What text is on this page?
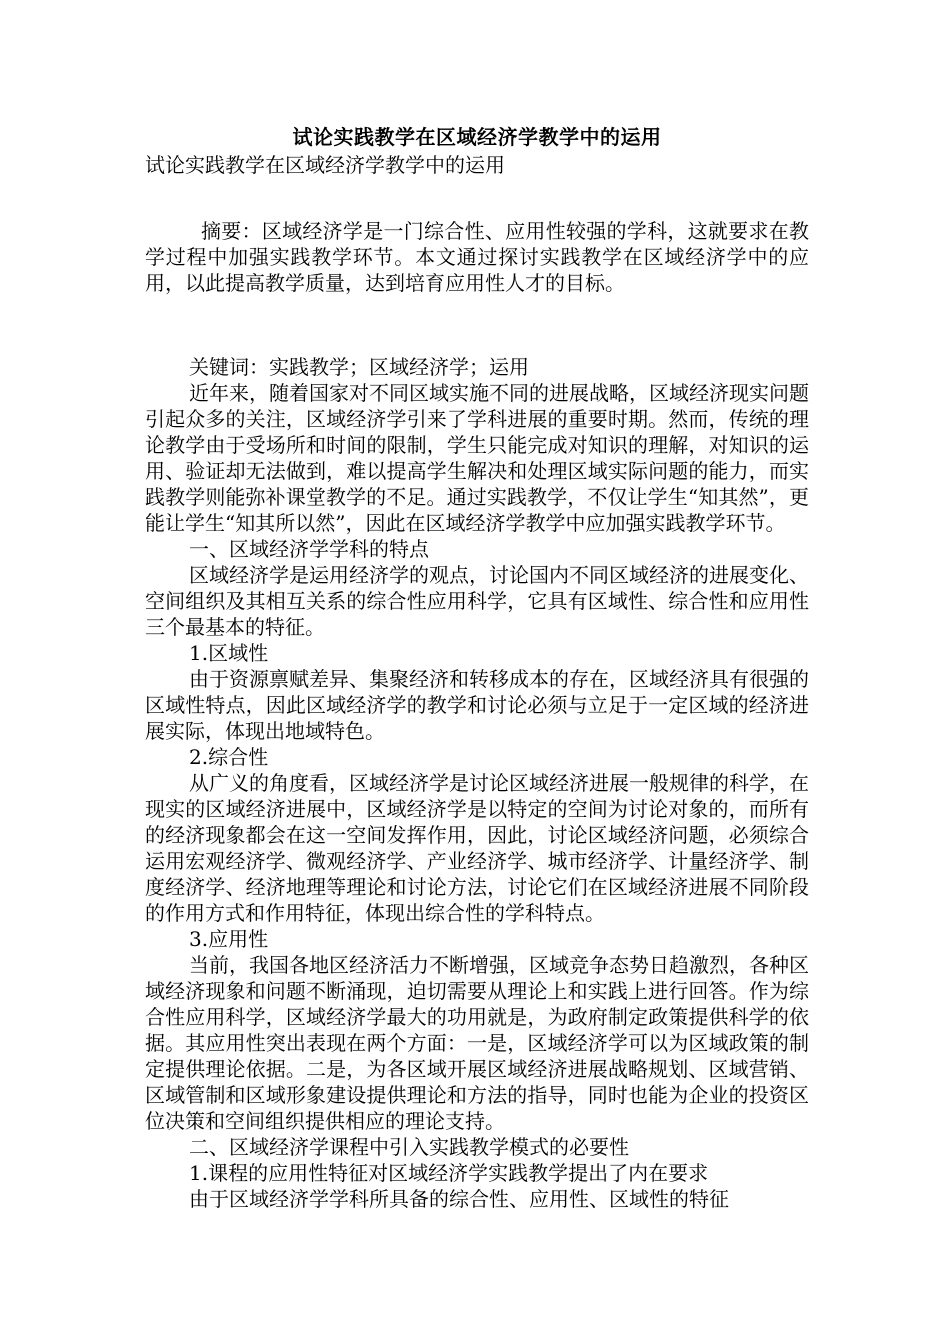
试论实践教学在区域经济学教学中的运用

试论实践教学在区域经济学教学中的运用

摘要：区域经济学是一门综合性、应用性较强的学科，这就要求在教学过程中加强实践教学环节。本文通过探讨实践教学在区域经济学中的应用，以此提高教学质量，达到培育应用性人才的目标。

关键词：实践教学；区域经济学；运用

近年来，随着国家对不同区域实施不同的进展战略，区域经济现实问题引起众多的关注，区域经济学引来了学科进展的重要时期。然而，传统的理论教学由于受场所和时间的限制，学生只能完成对知识的理解，对知识的运用、验证却无法做到，难以提高学生解决和处理区域实际问题的能力，而实践教学则能弥补课堂教学的不足。通过实践教学，不仅让学生“知其然”，更能让学生“知其所以然”，因此在区域经济学教学中应加强实践教学环节。

一、区域经济学学科的特点

区域经济学是运用经济学的观点，讨论国内不同区域经济的进展变化、空间组织及其相互关系的综合性应用科学，它具有区域性、综合性和应用性三个最基本的特征。

1.区域性

由于资源禀赋差异、集聚经济和转移成本的存在，区域经济具有很强的区域性特点，因此区域经济学的教学和讨论必须与立足于一定区域的经济进展实际，体现出地域特色。

2.综合性

从广义的角度看，区域经济学是讨论区域经济进展一般规律的科学，在现实的区域经济进展中，区域经济学是以特定的空间为讨论对象的，而所有的经济现象都会在这一空间发挥作用，因此，讨论区域经济问题，必须综合运用宏观经济学、微观经济学、产业经济学、城市经济学、计量经济学、制度经济学、经济地理等理论和讨论方法，讨论它们在区域经济进展不同阶段的作用方式和作用特征，体现出综合性的学科特点。

3.应用性

当前，我国各地区经济活力不断增强，区域竞争态势日趋激烈，各种区域经济现象和问题不断涌现，迫切需要从理论上和实践上进行回答。作为综合性应用科学，区域经济学最大的功用就是，为政府制定政策提供科学的依据。其应用性突出表现在两个方面：一是，区域经济学可以为区域政策的制定提供理论依据。二是，为各区域开展区域经济进展战略规划、区域营销、区域管制和区域形象建设提供理论和方法的指导，同时也能为企业的投资区位决策和空间组织提供相应的理论支持。

二、区域经济学课程中引入实践教学模式的必要性

1.课程的应用性特征对区域经济学实践教学提出了内在要求

由于区域经济学学科所具备的综合性、应用性、区域性的特征
